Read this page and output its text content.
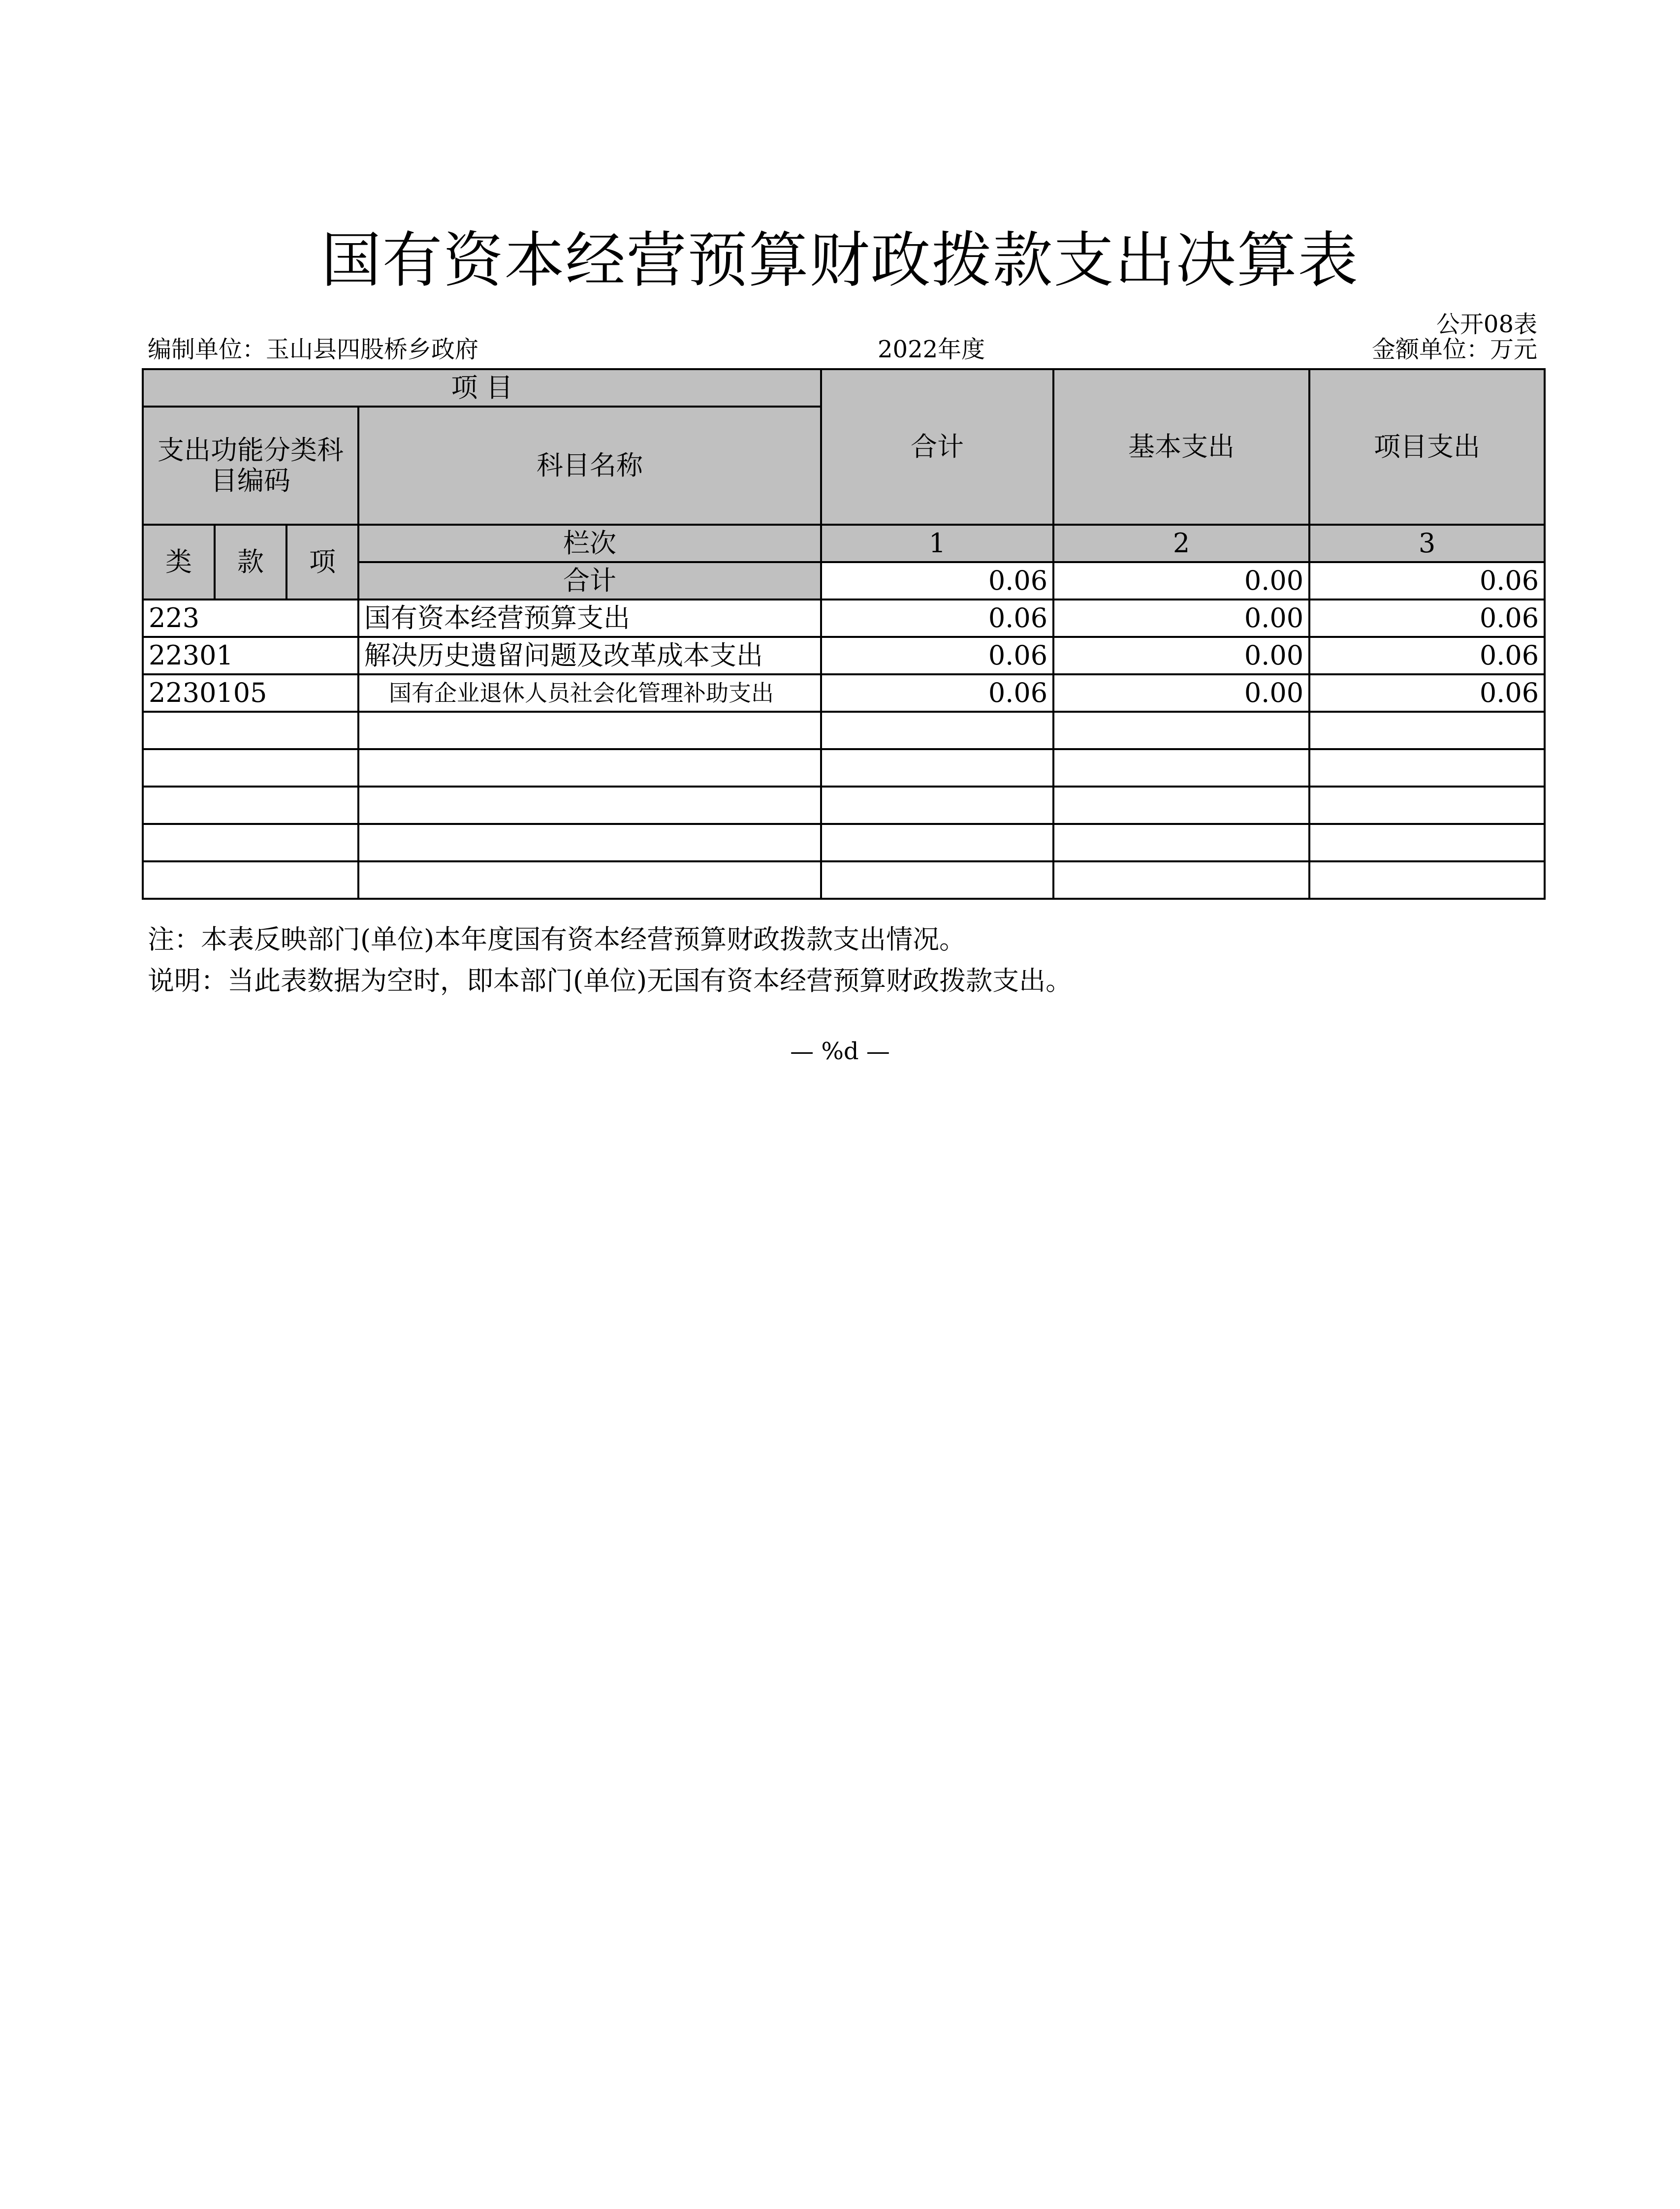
国有资本经营预算财政拨款支出决算表
公开08表
编制单位：玉山县四股桥乡政府	2022年度	金额单位：万元
项 目				合计	基本支出	项目支出
支出功能分类科目编码			科目名称			
类	款	项	栏次	1	2	3
			合计	0.06	0.00	0.06
223			国有资本经营预算支出	0.06	0.00	0.06
22301			解决历史遗留问题及改革成本支出	0.06	0.00	0.06
2230105			国有企业退休人员社会化管理补助支出	0.06	0.00	0.06

注：本表反映部门(单位)本年度国有资本经营预算财政拨款支出情况。
说明：当此表数据为空时，即本部门(单位)无国有资本经营预算财政拨款支出。
— %d —
